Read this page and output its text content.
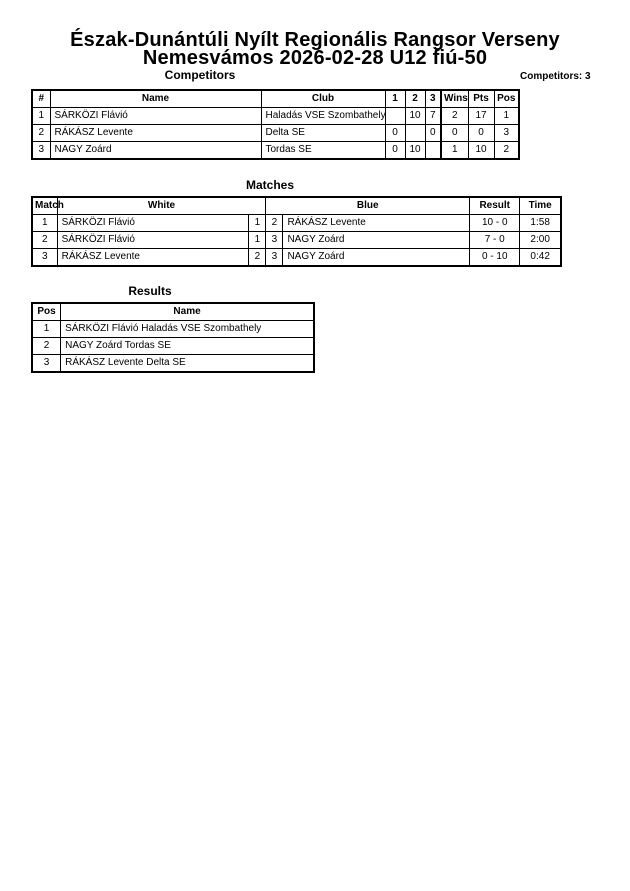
Észak-Dunántúli Nyílt Regionális Rangsor Verseny
Nemesvámos 2026-02-28 U12 fiú-50
Competitors	Competitors: 3
#	Name	Club	1	2	3	Wins	Pts	Pos
1	SÁRKÖZI Flávió	Haladás VSE Szombathely		10	7	2	17	1
2	RÁKÁSZ Levente	Delta SE	0		0	0	0	3
3	NAGY Zoárd	Tordas SE	0	10		1	10	2
Matches
Match	White		Blue		Result	Time
1	SÁRKÖZI Flávió	1	2	RÁKÁSZ Levente	10 - 0	1:58
2	SÁRKÖZI Flávió	1	3	NAGY Zoárd	7 - 0	2:00
3	RÁKÁSZ Levente	2	3	NAGY Zoárd	0 - 10	0:42
Results
Pos	Name
1	SÁRKÖZI Flávió Haladás VSE Szombathely
2	NAGY Zoárd Tordas SE
3	RÁKÁSZ Levente Delta SE
